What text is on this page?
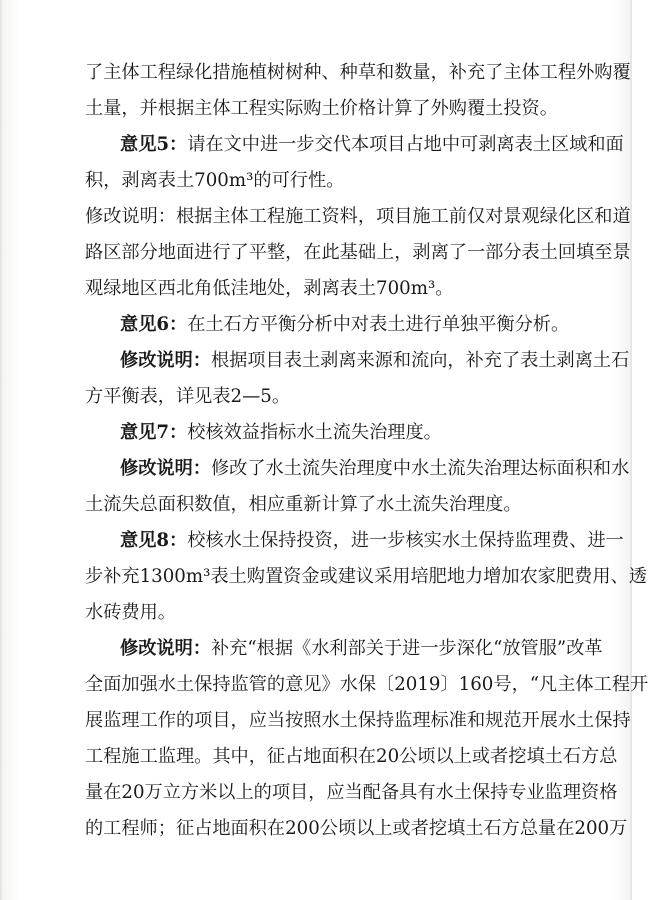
了主体工程绿化措施植树树种、种草和数量，补充了主体工程外购覆
土量，并根据主体工程实际购土价格计算了外购覆土投资。
意见5：请在文中进一步交代本项目占地中可剥离表土区域和面
积，剥离表土700m³的可行性。
修改说明：根据主体工程施工资料，项目施工前仅对景观绿化区和道
路区部分地面进行了平整，在此基础上，剥离了一部分表土回填至景
观绿地区西北角低洼地处，剥离表土700m³。
意见6：在土石方平衡分析中对表土进行单独平衡分析。
修改说明：根据项目表土剥离来源和流向，补充了表土剥离土石
方平衡表，详见表2—5。
意见7：校核效益指标水土流失治理度。
修改说明：修改了水土流失治理度中水土流失治理达标面积和水
土流失总面积数值，相应重新计算了水土流失治理度。
意见8：校核水土保持投资，进一步核实水土保持监理费、进一
步补充1300m³表土购置资金或建议采用培肥地力增加农家肥费用、透
水砖费用。
修改说明：补充“根据《水利部关于进一步深化“放管服”改革
全面加强水土保持监管的意见》水保〔2019〕160号，“凡主体工程开
展监理工作的项目，应当按照水土保持监理标准和规范开展水土保持
工程施工监理。其中，征占地面积在20公顷以上或者挖填土石方总
量在20万立方米以上的项目，应当配备具有水土保持专业监理资格
的工程师；征占地面积在200公顷以上或者挖填土石方总量在200万
